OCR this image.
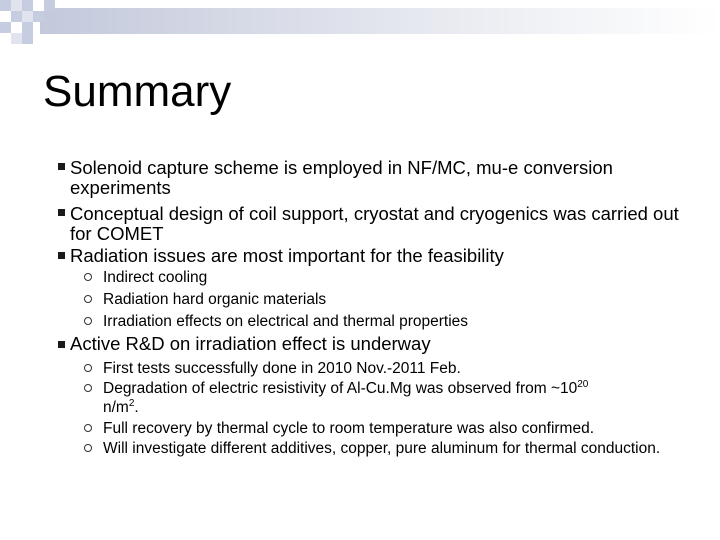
Summary
Solenoid capture scheme is employed in NF/MC, mu-e conversion experiments
Conceptual design of coil support, cryostat and cryogenics was carried out for COMET
Radiation issues are most important for the feasibility
Indirect cooling
Radiation hard organic materials
Irradiation effects on electrical and thermal properties
Active R&D on irradiation effect is underway
First tests successfully done in 2010 Nov.-2011 Feb.
Degradation of electric resistivity of Al-Cu.Mg was observed from $\sim 10^{20}$
$n/m^2$.
Full recovery by thermal cycle to room temperature was also confirmed.
Will investigate different additives, copper, pure aluminum for thermal conduction.
